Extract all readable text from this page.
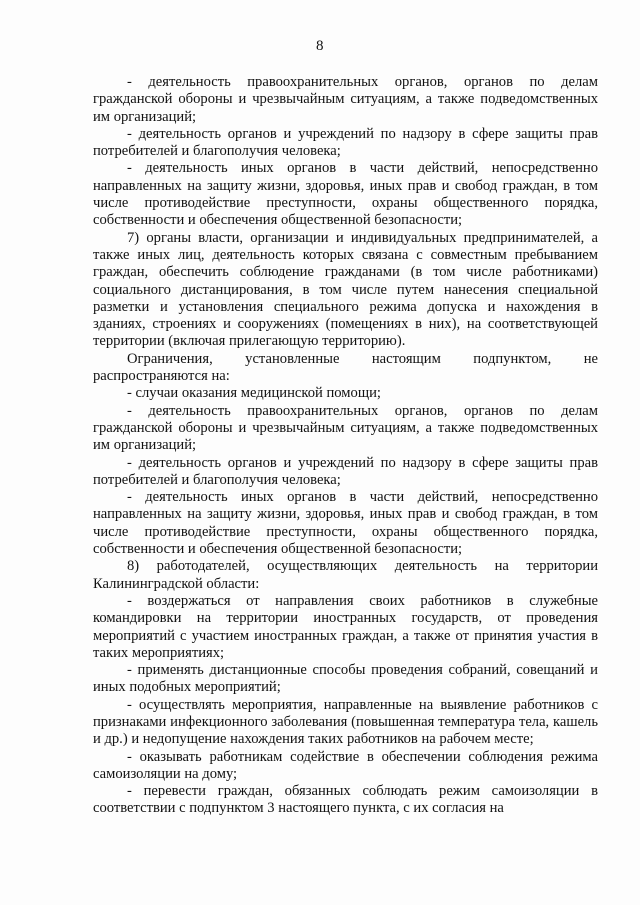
8

- деятельность правоохранительных органов, органов по делам гражданской обороны и чрезвычайным ситуациям, а также подведомственных им организаций;

- деятельность органов и учреждений по надзору в сфере защиты прав потребителей и благополучия человека;

- деятельность иных органов в части действий, непосредственно направленных на защиту жизни, здоровья, иных прав и свобод граждан, в том числе противодействие преступности, охраны общественного порядка, собственности и обеспечения общественной безопасности;

7) органы власти, организации и индивидуальных предпринимателей, а также иных лиц, деятельность которых связана с совместным пребыванием граждан, обеспечить соблюдение гражданами (в том числе работниками) социального дистанцирования, в том числе путем нанесения специальной разметки и установления специального режима допуска и нахождения в зданиях, строениях и сооружениях (помещениях в них), на соответствующей территории (включая прилегающую территорию).

Ограничения, установленные настоящим подпунктом, не распространяются на:

- случаи оказания медицинской помощи;

- деятельность правоохранительных органов, органов по делам гражданской обороны и чрезвычайным ситуациям, а также подведомственных им организаций;

- деятельность органов и учреждений по надзору в сфере защиты прав потребителей и благополучия человека;

- деятельность иных органов в части действий, непосредственно направленных на защиту жизни, здоровья, иных прав и свобод граждан, в том числе противодействие преступности, охраны общественного порядка, собственности и обеспечения общественной безопасности;

8) работодателей, осуществляющих деятельность на территории Калининградской области:

- воздержаться от направления своих работников в служебные командировки на территории иностранных государств, от проведения мероприятий с участием иностранных граждан, а также от принятия участия в таких мероприятиях;

- применять дистанционные способы проведения собраний, совещаний и иных подобных мероприятий;

- осуществлять мероприятия, направленные на выявление работников с признаками инфекционного заболевания (повышенная температура тела, кашель и др.) и недопущение нахождения таких работников на рабочем месте;

- оказывать работникам содействие в обеспечении соблюдения режима самоизоляции на дому;

- перевести граждан, обязанных соблюдать режим самоизоляции в соответствии с подпунктом 3 настоящего пункта, с их согласия на
